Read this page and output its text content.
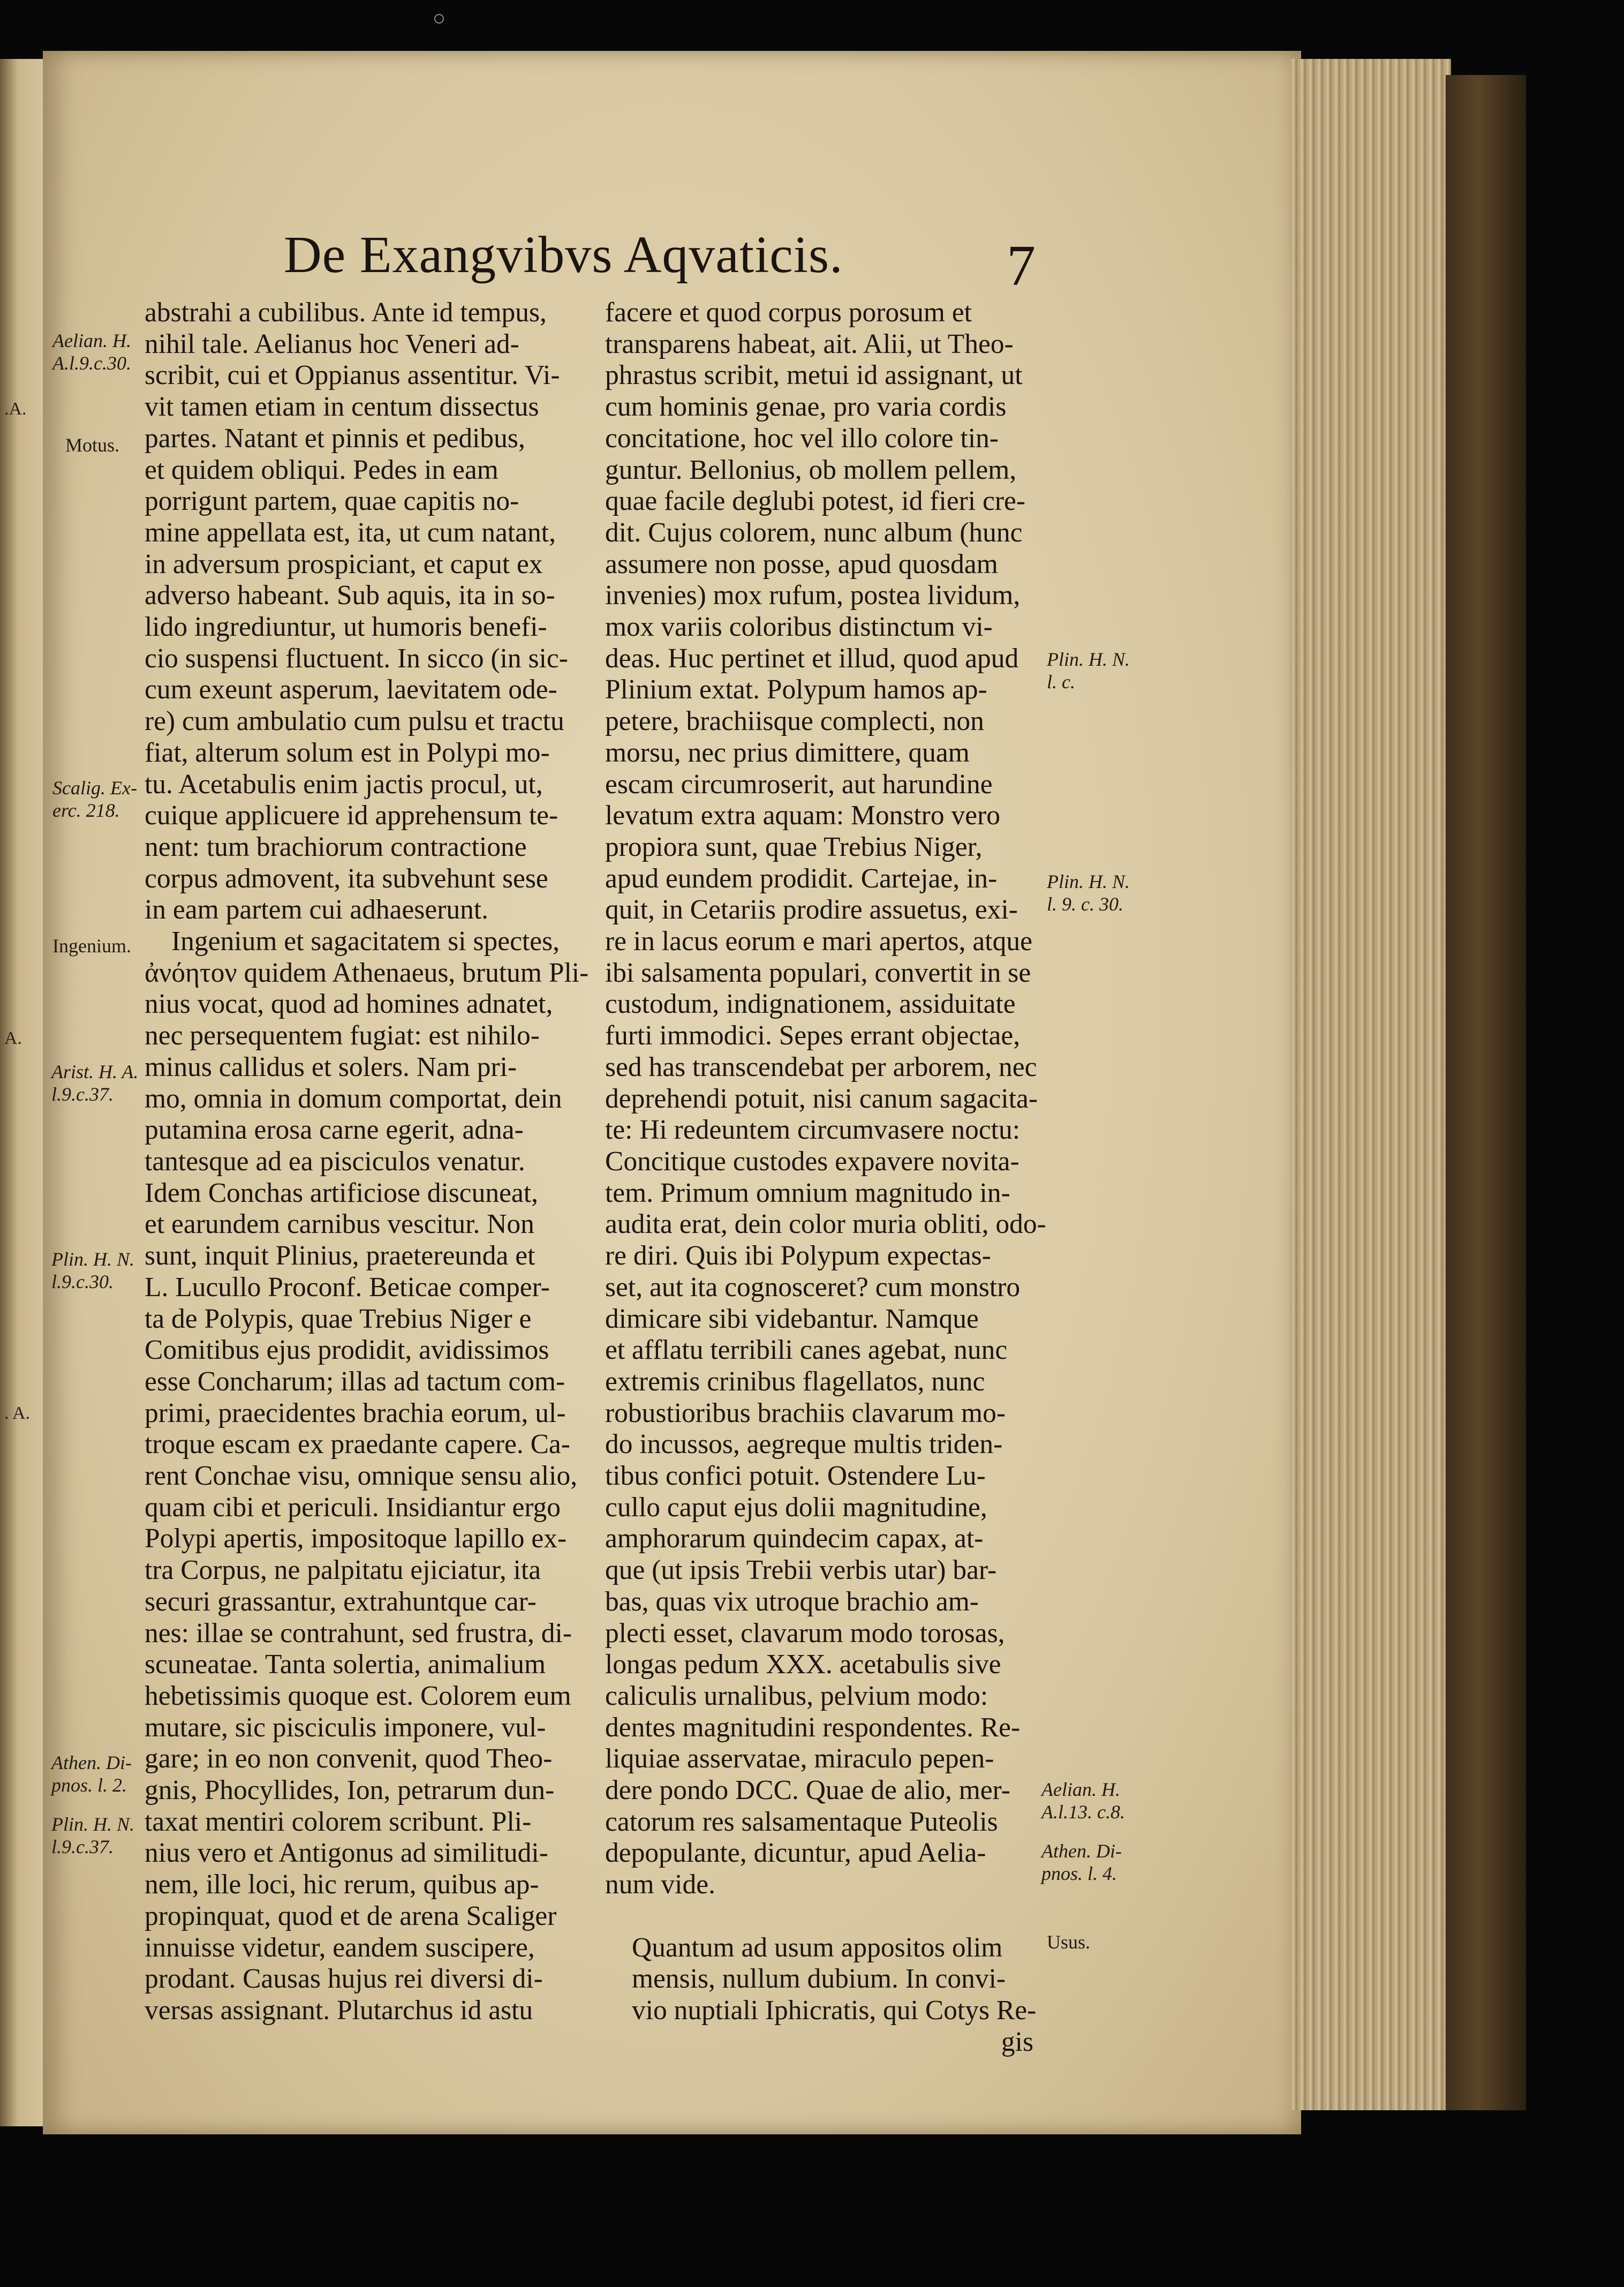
De Exangvibvs Aqvaticis.	7
abstrahi a cubilibus. Ante id tempus,
nihil tale. Aelianus hoc Veneri ad-
scribit, cui et Oppianus assentitur. Vi-
vit tamen etiam in centum dissectus
partes. Natant et pinnis et pedibus,
et quidem obliqui. Pedes in eam
porrigunt partem, quae capitis no-
mine appellata est, ita, ut cum natant,
in adversum prospiciant, et caput ex
adverso habeant. Sub aquis, ita in so-
lido ingrediuntur, ut humoris benefi-
cio suspensi fluctuent. In sicco (in sic-
cum exeunt asperum, laevitatem ode-
re) cum ambulatio cum pulsu et tractu
fiat, alterum solum est in Polypi mo-
tu. Acetabulis enim jactis procul, ut,
cuique applicuere id apprehensum te-
nent: tum brachiorum contractione
corpus admovent, ita subvehunt sese
in eam partem cui adhaeserunt.
Ingenium et sagacitatem si spectes,
ἀνόητον quidem Athenaeus, brutum Pli-
nius vocat, quod ad homines adnatet,
nec persequentem fugiat: est nihilo-
minus callidus et solers. Nam pri-
mo, omnia in domum comportat, dein
putamina erosa carne egerit, adna-
tantesque ad ea pisciculos venatur.
Idem Conchas artificiose discuneat,
et earundem carnibus vescitur. Non
sunt, inquit Plinius, praetereunda et
L. Lucullo Proconf. Beticae comper-
ta de Polypis, quae Trebius Niger e
Comitibus ejus prodidit, avidissimos
esse Concharum; illas ad tactum com-
primi, praecidentes brachia eorum, ul-
troque escam ex praedante capere. Ca-
rent Conchae visu, omnique sensu alio,
quam cibi et periculi. Insidiantur ergo
Polypi apertis, impositoque lapillo ex-
tra Corpus, ne palpitatu ejiciatur, ita
securi grassantur, extrahuntque car-
nes: illae se contrahunt, sed frustra, di-
scuneatae. Tanta solertia, animalium
hebetissimis quoque est. Colorem eum
mutare, sic pisciculis imponere, vul-
gare; in eo non convenit, quod Theo-
gnis, Phocyllides, Ion, petrarum dun-
taxat mentiri colorem scribunt. Pli-
nius vero et Antigonus ad similitudi-
nem, ille loci, hic rerum, quibus ap-
propinquat, quod et de arena Scaliger
innuisse videtur, eandem suscipere,
prodant. Causas hujus rei diversi di-
versas assignant. Plutarchus id astu
facere et quod corpus porosum et
transparens habeat, ait. Alii, ut Theo-
phrastus scribit, metui id assignant, ut
cum hominis genae, pro varia cordis
concitatione, hoc vel illo colore tin-
guntur. Bellonius, ob mollem pellem,
quae facile deglubi potest, id fieri cre-
dit. Cujus colorem, nunc album (hunc
assumere non posse, apud quosdam
invenies) mox rufum, postea lividum,
mox variis coloribus distinctum vi-
deas. Huc pertinet et illud, quod apud
Plinium extat. Polypum hamos ap-
petere, brachiisque complecti, non
morsu, nec prius dimittere, quam
escam circumroserit, aut harundine
levatum extra aquam: Monstro vero
propiora sunt, quae Trebius Niger,
apud eundem prodidit. Cartejae, in-
quit, in Cetariis prodire assuetus, exi-
re in lacus eorum e mari apertos, atque
ibi salsamenta populari, convertit in se
custodum, indignationem, assiduitate
furti immodici. Sepes errant objectae,
sed has transcendebat per arborem, nec
deprehendi potuit, nisi canum sagacita-
te: Hi redeuntem circumvasere noctu:
Concitique custodes expavere novita-
tem. Primum omnium magnitudo in-
audita erat, dein color muria obliti, odo-
re diri. Quis ibi Polypum expectas-
set, aut ita cognosceret? cum monstro
dimicare sibi videbantur. Namque
et afflatu terribili canes agebat, nunc
extremis crinibus flagellatos, nunc
robustioribus brachiis clavarum mo-
do incussos, aegreque multis triden-
tibus confici potuit. Ostendere Lu-
cullo caput ejus dolii magnitudine,
amphorarum quindecim capax, at-
que (ut ipsis Trebii verbis utar) bar-
bas, quas vix utroque brachio am-
plecti esset, clavarum modo torosas,
longas pedum XXX. acetabulis sive
caliculis urnalibus, pelvium modo:
dentes magnitudini respondentes. Re-
liquiae asservatae, miraculo pepen-
dere pondo DCC. Quae de alio, mer-
catorum res salsamentaque Puteolis
depopulante, dicuntur, apud Aelia-
num vide.

Quantum ad usum appositos olim
mensis, nullum dubium. In convi-
vio nuptiali Iphicratis, qui Cotys Re-
gis
.A.
A.
. A.
Aelian. H.
A.l.9.c.30.
Motus.
Scalig. Ex-
erc. 218.
Ingenium.
Arist. H. A.
l.9.c.37.
Plin. H. N.
l.9.c.30.
Athen. Di-
pnos. l. 2.
Plin. H. N.
l.9.c.37.
Plin. H. N.
l. c.
Plin. H. N.
l. 9. c. 30.
Aelian. H.
A.l.13. c.8.
Athen. Di-
pnos. l. 4.
Usus.
